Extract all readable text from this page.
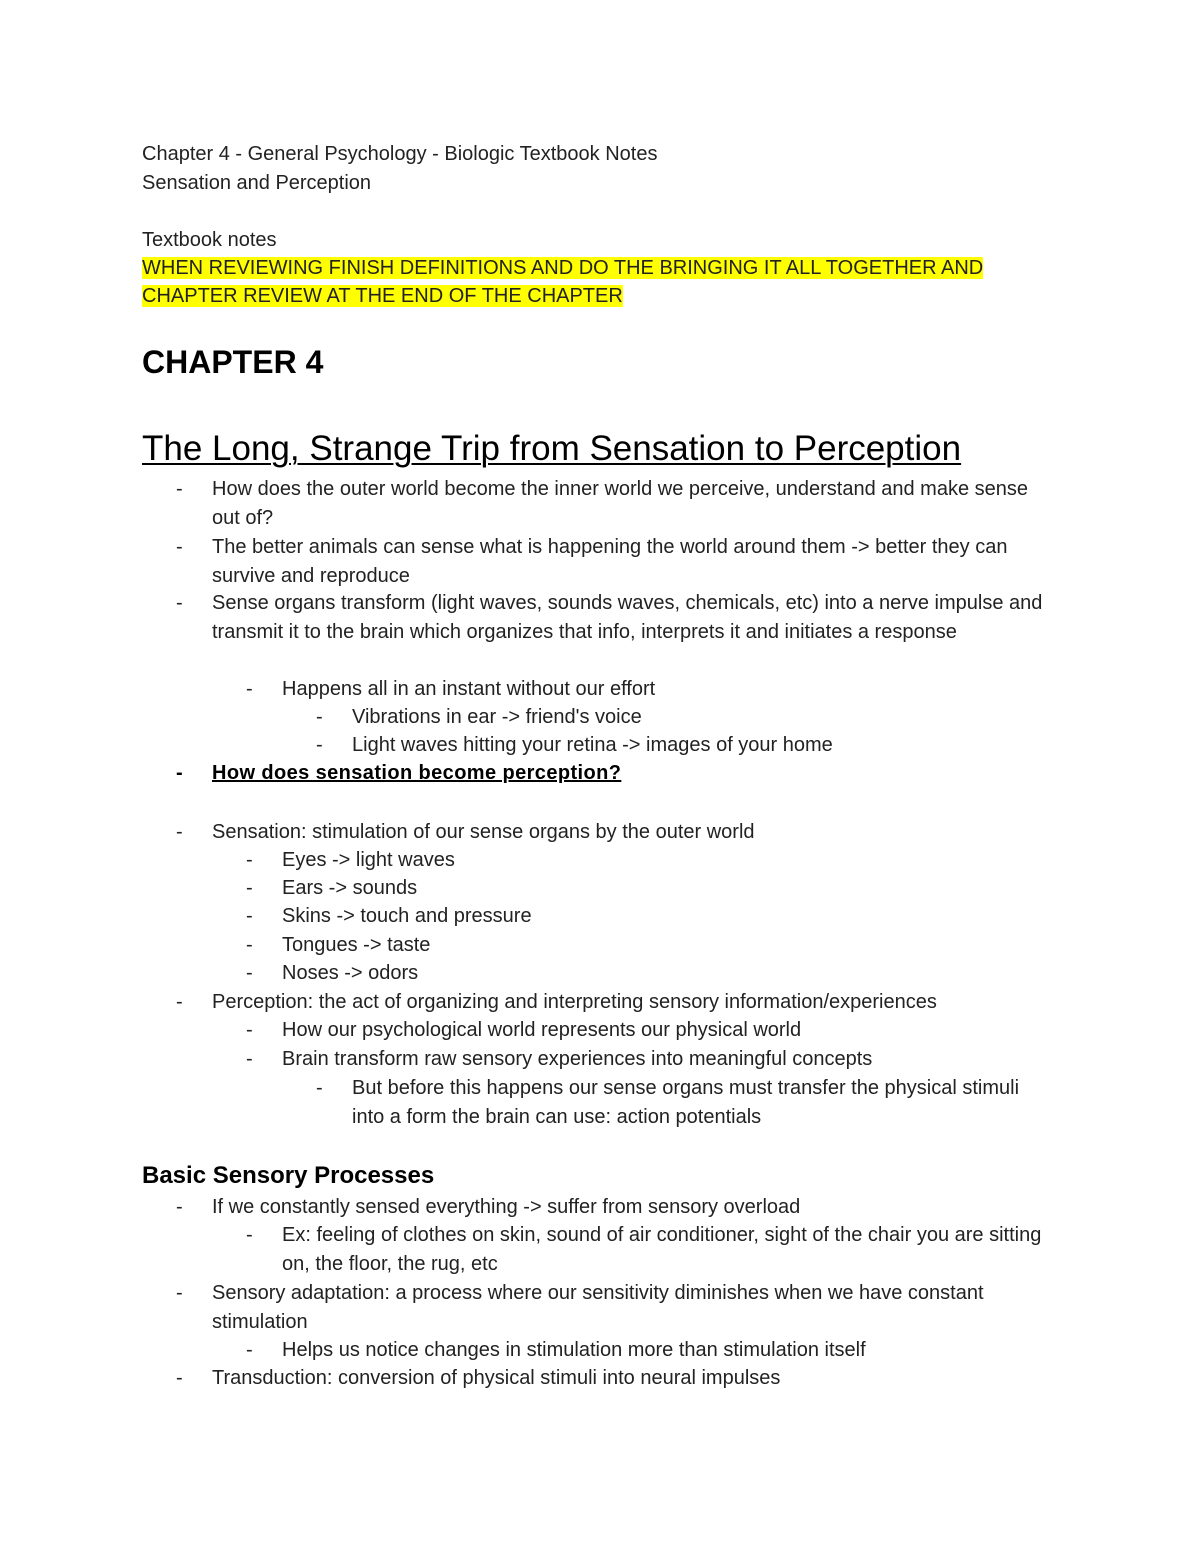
Chapter 4 - General Psychology - Biologic Textbook Notes
Sensation and Perception
Textbook notes
WHEN REVIEWING FINISH DEFINITIONS AND DO THE BRINGING IT ALL TOGETHER AND
CHAPTER REVIEW AT THE END OF THE CHAPTER
CHAPTER 4
The Long, Strange Trip from Sensation to Perception
- How does the outer world become the inner world we perceive, understand and make sense out of?
- The better animals can sense what is happening the world around them -> better they can survive and reproduce
- Sense organs transform (light waves, sounds waves, chemicals, etc) into a nerve impulse and transmit it to the brain which organizes that info, interprets it and initiates a response
- Happens all in an instant without our effort
- Vibrations in ear -> friend's voice
- Light waves hitting your retina -> images of your home
- How does sensation become perception?
- Sensation: stimulation of our sense organs by the outer world
- Eyes -> light waves
- Ears -> sounds
- Skins -> touch and pressure
- Tongues -> taste
- Noses -> odors
- Perception: the act of organizing and interpreting sensory information/experiences
- How our psychological world represents our physical world
- Brain transform raw sensory experiences into meaningful concepts
- But before this happens our sense organs must transfer the physical stimuli into a form the brain can use: action potentials
Basic Sensory Processes
- If we constantly sensed everything -> suffer from sensory overload
- Ex: feeling of clothes on skin, sound of air conditioner, sight of the chair you are sitting on, the floor, the rug, etc
- Sensory adaptation: a process where our sensitivity diminishes when we have constant stimulation
- Helps us notice changes in stimulation more than stimulation itself
- Transduction: conversion of physical stimuli into neural impulses
